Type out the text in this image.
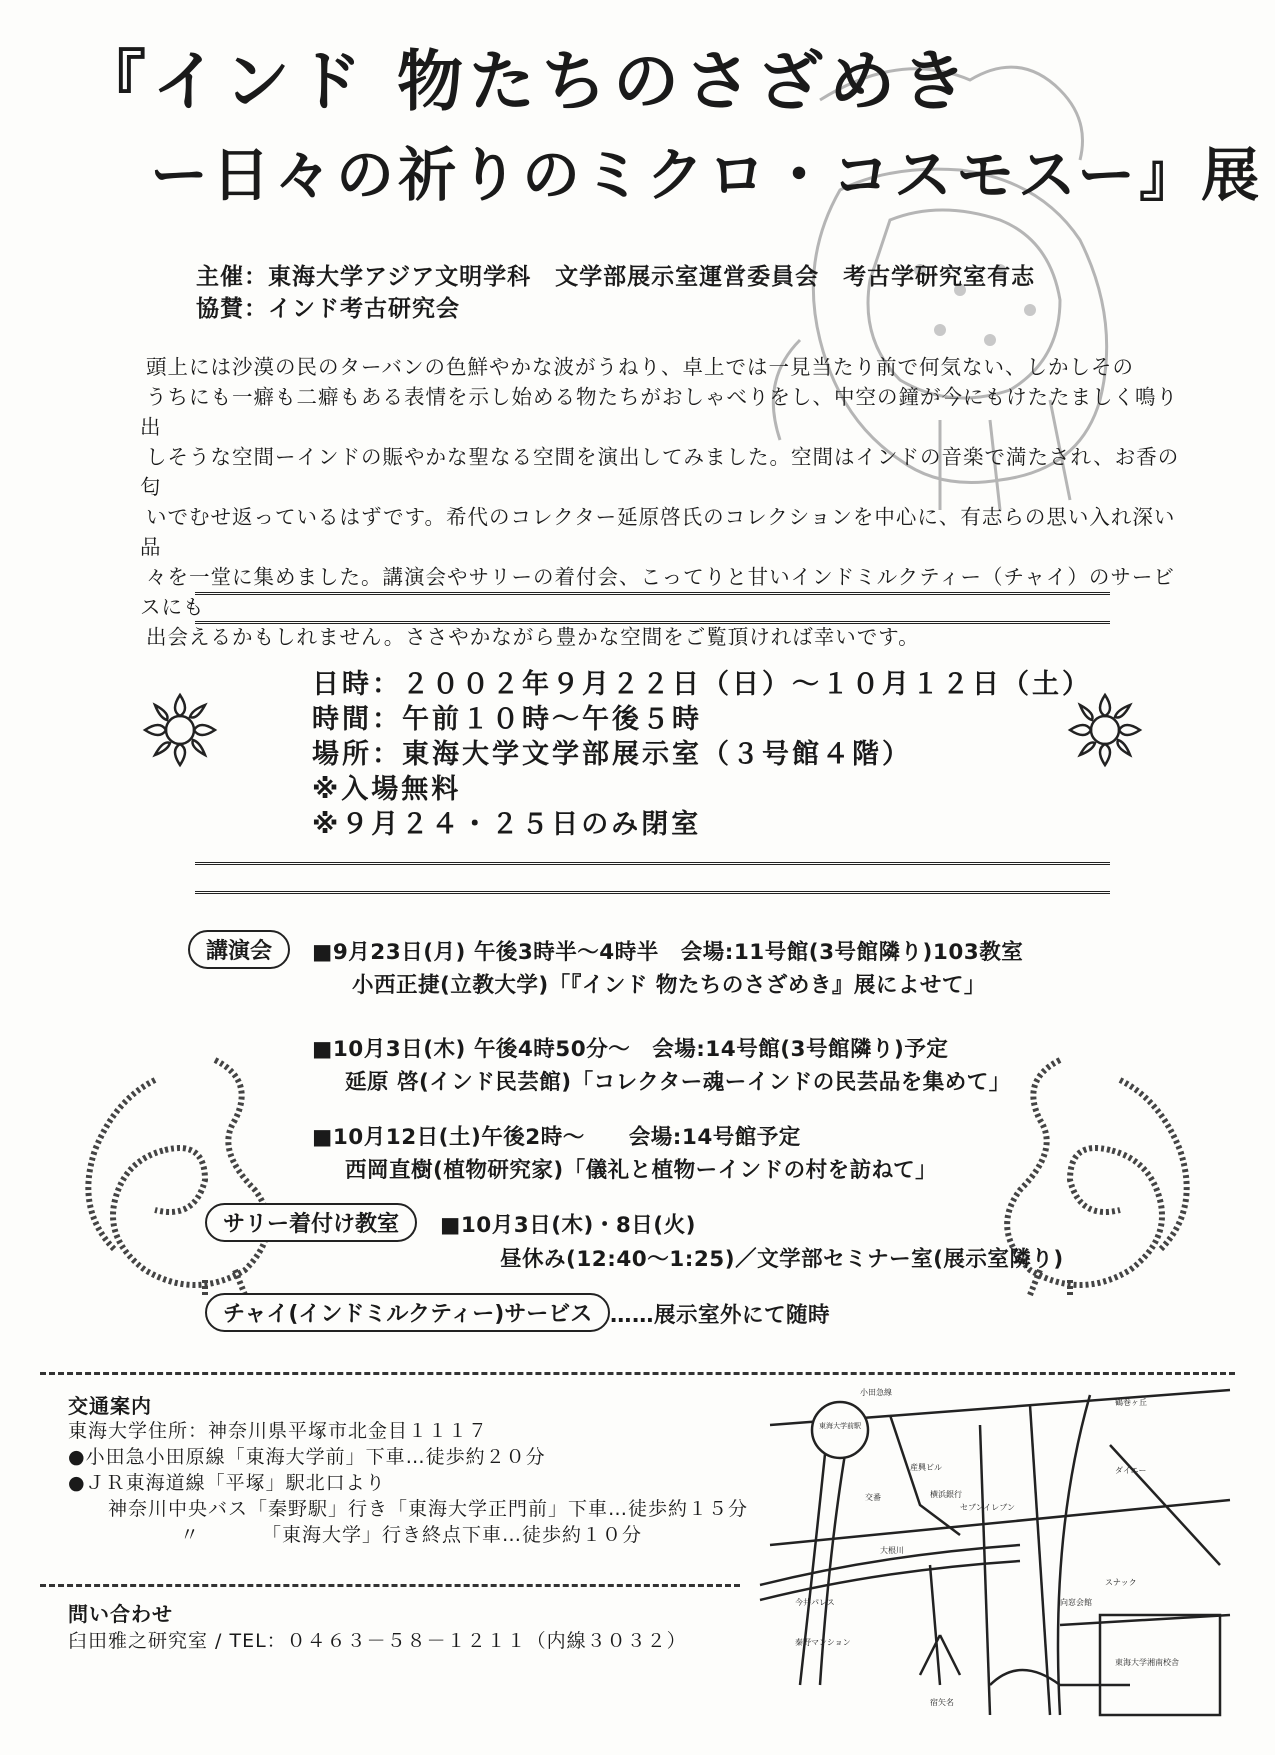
『インド 物たちのさざめき
ー日々の祈りのミクロ・コスモスー』展
主催：東海大学アジア文明学科　文学部展示室運営委員会　考古学研究室有志
協賛：インド考古研究会

頭上には沙漠の民のターバンの色鮮やかな波がうねり、卓上では一見当たり前で何気ない、しかしその

うちにも一癖も二癖もある表情を示し始める物たちがおしゃべりをし、中空の鐘が今にもけたたましく鳴り出

しそうな空間ーインドの賑やかな聖なる空間を演出してみました。空間はインドの音楽で満たされ、お香の匂

いでむせ返っているはずです。希代のコレクター延原啓氏のコレクションを中心に、有志らの思い入れ深い品

々を一堂に集めました。講演会やサリーの着付会、こってりと甘いインドミルクティー（チャイ）のサービスにも

出会えるかもしれません。ささやかながら豊かな空間をご覧頂ければ幸いです。

日時：２００２年９月２２日（日）～１０月１２日（土）
時間：午前１０時～午後５時
場所：東海大学文学部展示室（３号館４階）
※入場無料
※９月２４・２５日のみ閉室
講演会	■9月23日(月) 午後3時半～4時半　会場:11号館(3号館隣り)103教室
小西正捷(立教大学)「『インド 物たちのさざめき』展によせて」
■10月3日(木) 午後4時50分～　会場:14号館(3号館隣り)予定
延原 啓(インド民芸館)「コレクター魂ーインドの民芸品を集めて」
■10月12日(土)午後2時～　　会場:14号館予定
西岡直樹(植物研究家)「儀礼と植物ーインドの村を訪ねて」
サリー着付け教室	■10月3日(木)・8日(火)
昼休み(12:40～1:25)／文学部セミナー室(展示室隣り)
チャイ(インドミルクティー)サービス ……展示室外にて随時
交通案内
東海大学住所：神奈川県平塚市北金目１１１７
●小田急小田原線「東海大学前」下車…徒歩約２０分
●ＪＲ東海道線「平塚」駅北口より
神奈川中央バス「秦野駅」行き「東海大学正門前」下車…徒歩約１５分
〃	「東海大学」行き終点下車…徒歩約１０分
問い合わせ
臼田雅之研究室 / TEL：０４６３－５８－１２１１（内線３０３２）
東海大学前駅
小田急線
鶴巻ヶ丘
ダイエー
産興ビル
交番	横浜銀行
セブンイレブン
大根川
スナック
今井パレス
秦野マンション
向窓会館
東海大学湘南校舎
宿矢名
